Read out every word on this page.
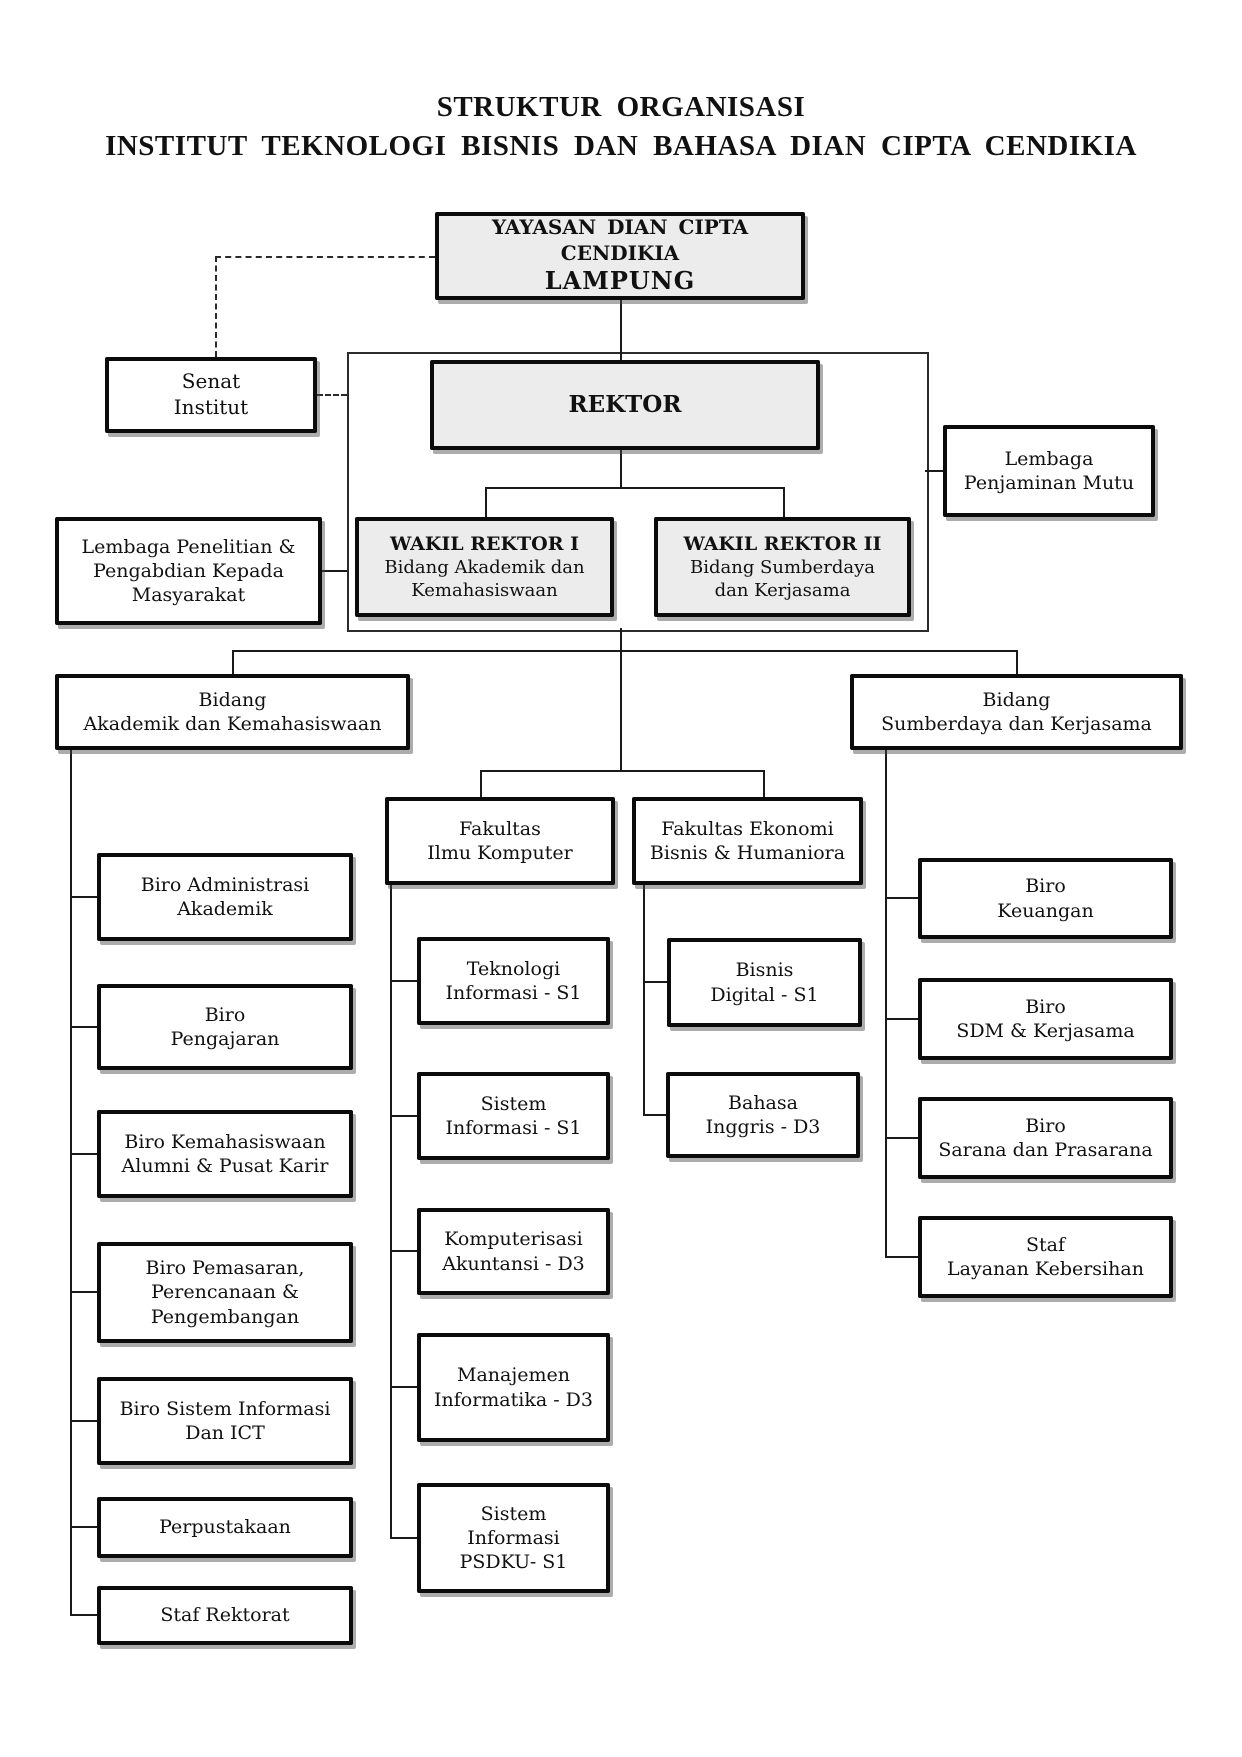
STRUKTUR ORGANISASI
INSTITUT TEKNOLOGI BISNIS DAN BAHASA DIAN CIPTA CENDIKIA
YAYASAN DIAN CIPTA CENDIKIA
LAMPUNG
Senat
Institut	REKTOR
WAKIL REKTOR I
Bidang Akademik dan
Kemahasiswaan
WAKIL REKTOR II
Bidang Sumberdaya
dan Kerjasama
Lembaga
Penjaminan Mutu
Lembaga Penelitian &
Pengabdian Kepada
Masyarakat
Bidang
Akademik dan Kemahasiswaan
Bidang
Sumberdaya dan Kerjasama
Biro Administrasi
Akademik
Biro
Pengajaran
Biro Kemahasiswaan
Alumni & Pusat Karir
Biro Pemasaran,
Perencanaan &
Pengembangan
Biro Sistem Informasi
Dan ICT
Perpustakaan
Staf Rektorat
Fakultas
Ilmu Komputer
Teknologi
Informasi - S1
Sistem
Informasi - S1
Komputerisasi
Akuntansi - D3
Manajemen
Informatika - D3
Sistem
Informasi
PSDKU- S1
Fakultas Ekonomi
Bisnis & Humaniora
Bisnis
Digital - S1
Bahasa
Inggris - D3
Biro
Keuangan
Biro
SDM & Kerjasama
Biro
Sarana dan Prasarana
Staf
Layanan Kebersihan
